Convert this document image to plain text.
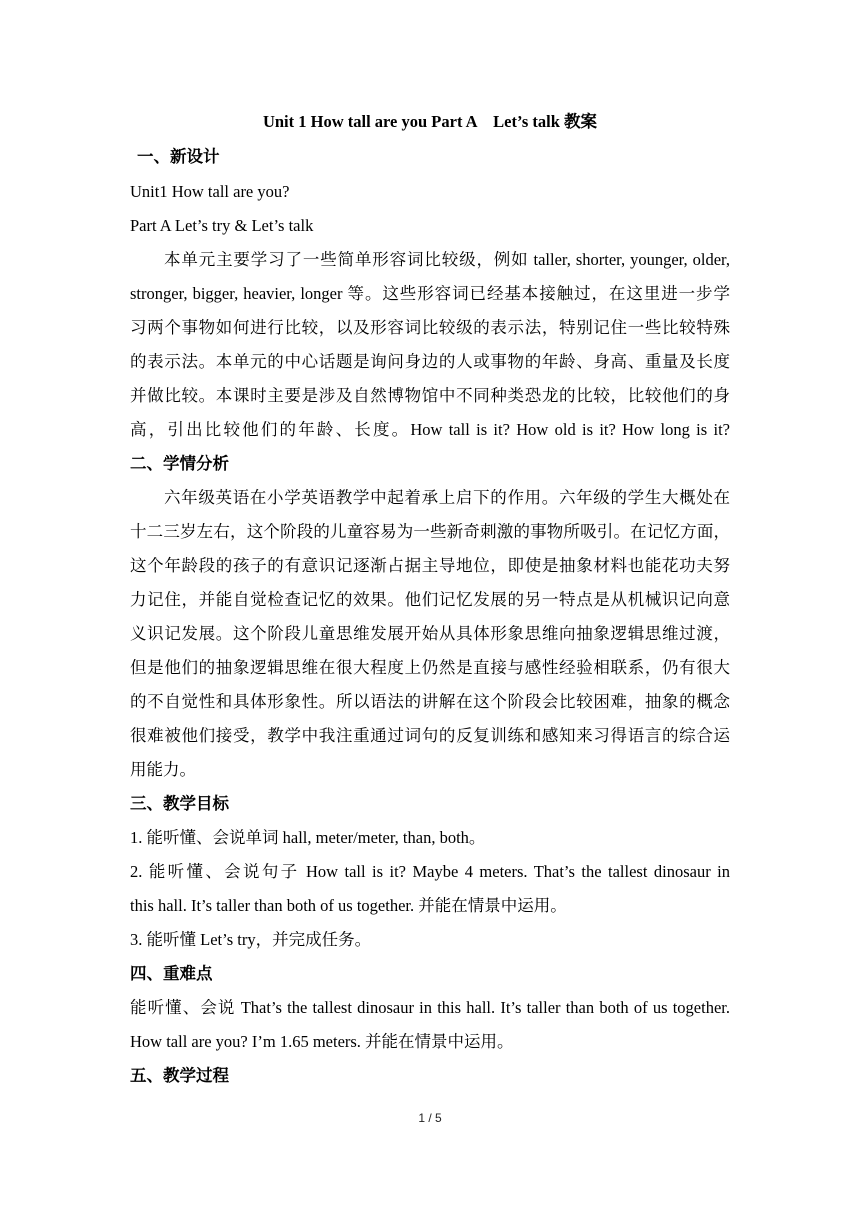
Unit 1 How tall are you Part A　Let’s talk 教案
一、新设计
Unit1 How tall are you?
Part A Let’s try & Let’s talk
本单元主要学习了一些简单形容词比较级，例如 taller, shorter, younger, older,
stronger, bigger, heavier, longer 等。这些形容词已经基本接触过，在这里进一步学
习两个事物如何进行比较，以及形容词比较级的表示法，特别记住一些比较特殊
的表示法。本单元的中心话题是询问身边的人或事物的年龄、身高、重量及长度
并做比较。本课时主要是涉及自然博物馆中不同种类恐龙的比较，比较他们的身
高，引出比较他们的年龄、长度。How tall is it? How old is it? How long is it?
二、学情分析
六年级英语在小学英语教学中起着承上启下的作用。六年级的学生大概处在
十二三岁左右，这个阶段的儿童容易为一些新奇刺激的事物所吸引。在记忆方面，
这个年龄段的孩子的有意识记逐渐占据主导地位，即使是抽象材料也能花功夫努
力记住，并能自觉检查记忆的效果。他们记忆发展的另一特点是从机械识记向意
义识记发展。这个阶段儿童思维发展开始从具体形象思维向抽象逻辑思维过渡，
但是他们的抽象逻辑思维在很大程度上仍然是直接与感性经验相联系，仍有很大
的不自觉性和具体形象性。所以语法的讲解在这个阶段会比较困难，抽象的概念
很难被他们接受，教学中我注重通过词句的反复训练和感知来习得语言的综合运
用能力。
三、教学目标
1. 能听懂、会说单词 hall, meter/meter, than, both。
2. 能听懂、会说句子 How tall is it? Maybe 4 meters. That’s the tallest dinosaur in
this hall. It’s taller than both of us together. 并能在情景中运用。
3. 能听懂 Let’s try，并完成任务。
四、重难点
能听懂、会说 That’s the tallest dinosaur in this hall. It’s taller than both of us together.
How tall are you? I’m 1.65 meters. 并能在情景中运用。
五、教学过程
1 / 5
